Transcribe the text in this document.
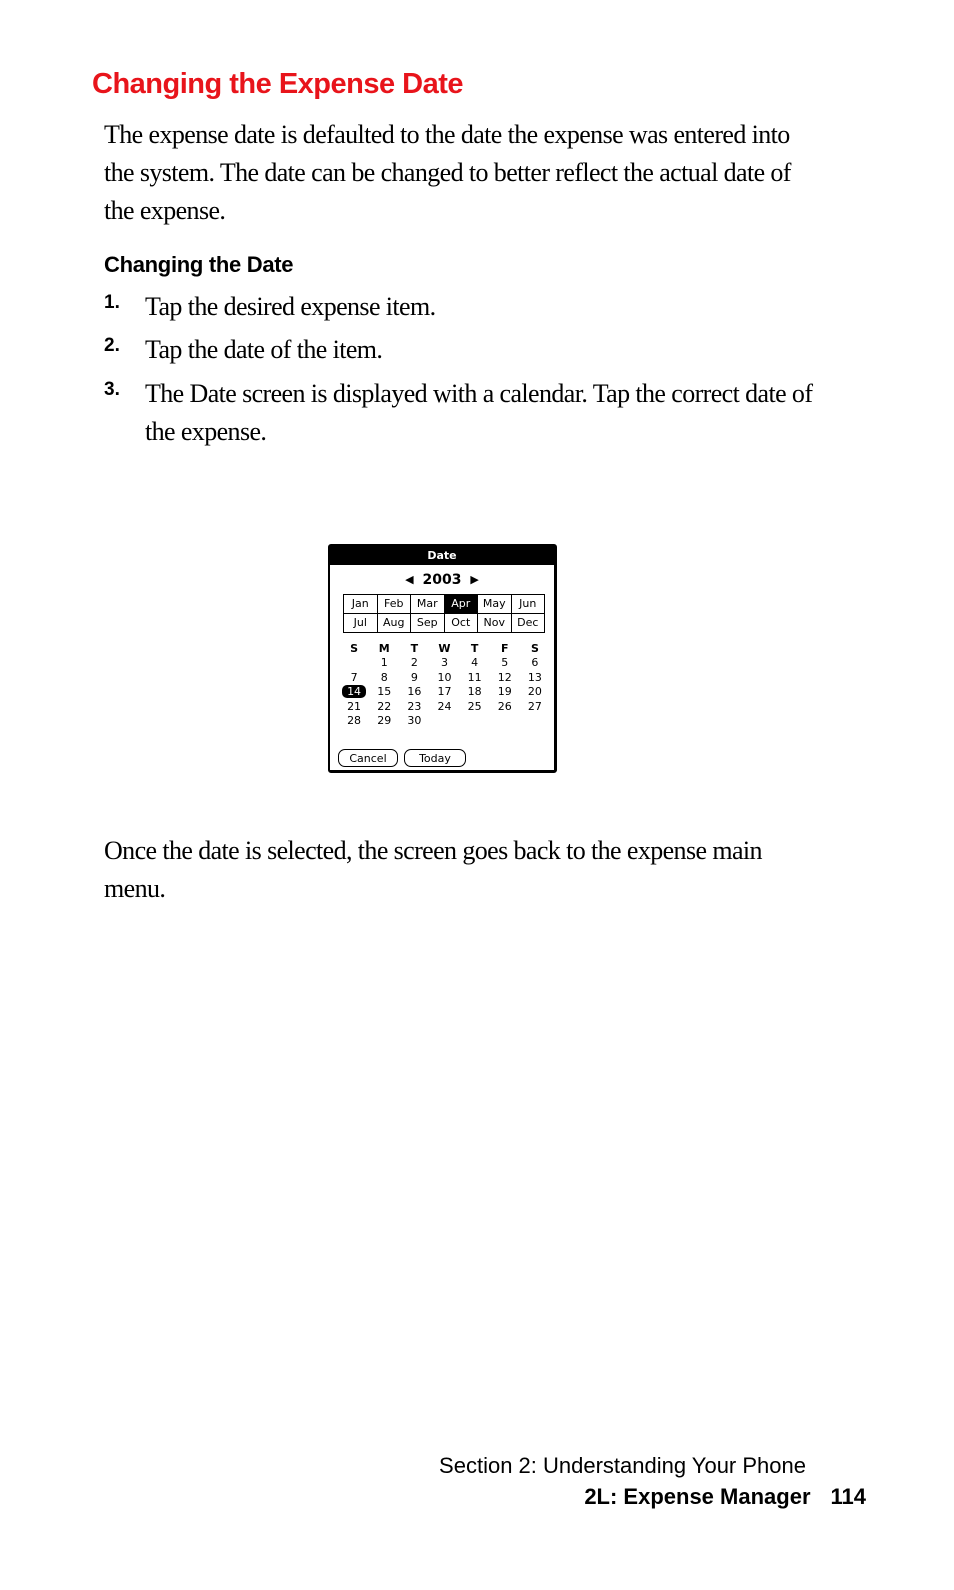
Changing the Expense Date

The expense date is defaulted to the date the expense was entered into the system. The date can be changed to better reflect the actual date of the expense.

Changing the Date
1. Tap the desired expense item.
2. Tap the date of the item.
3. The Date screen is displayed with a calendar. Tap the correct date of the expense.
Date
◀ 2003 ▶
Jan	Feb	Mar	Apr	May	Jun
Jul	Aug	Sep	Oct	Nov	Dec
S	M	T	W	T	F	S
	1	2	3	4	5	6
7	8	9	10	11	12	13
14	15	16	17	18	19	20
21	22	23	24	25	26	27
28	29	30				
Cancel	Today

Once the date is selected, the screen goes back to the expense main menu.

Section 2: Understanding Your Phone
2L: Expense Manager 114
